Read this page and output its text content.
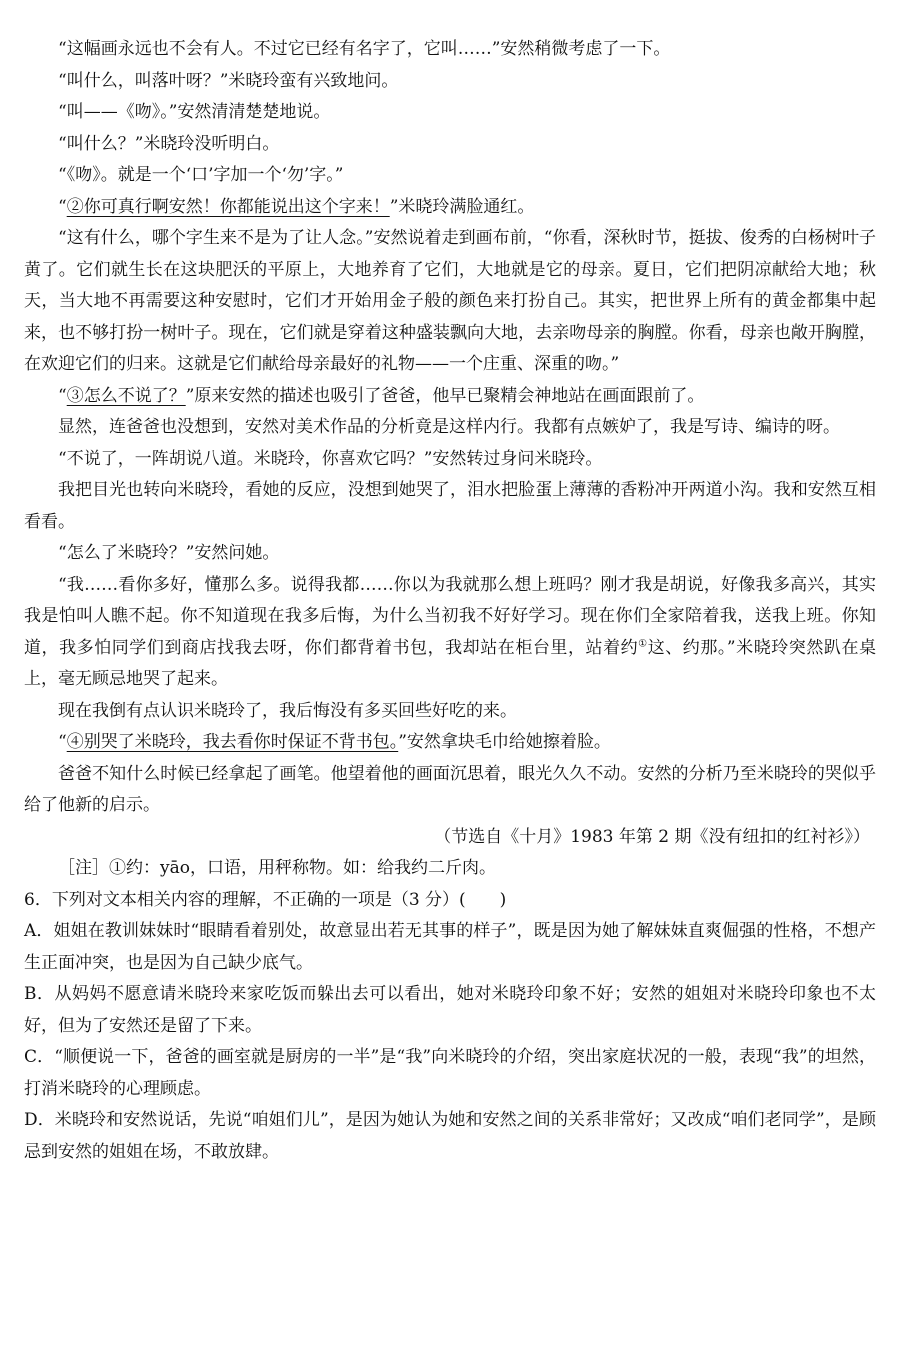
“这幅画永远也不会有人。不过它已经有名字了，它叫……”安然稍微考虑了一下。

“叫什么，叫落叶呀？”米晓玲蛮有兴致地问。

“叫——《吻》。”安然清清楚楚地说。

“叫什么？”米晓玲没听明白。

“《吻》。就是一个‘口’字加一个‘勿’字。”

“②你可真行啊安然！你都能说出这个字来！”米晓玲满脸通红。

“这有什么，哪个字生来不是为了让人念。”安然说着走到画布前，“你看，深秋时节，挺拔、俊秀的白杨树叶子黄了。它们就生长在这块肥沃的平原上，大地养育了它们，大地就是它的母亲。夏日，它们把阴凉献给大地；秋天，当大地不再需要这种安慰时，它们才开始用金子般的颜色来打扮自己。其实，把世界上所有的黄金都集中起来，也不够打扮一树叶子。现在，它们就是穿着这种盛装飘向大地，去亲吻母亲的胸膛。你看，母亲也敞开胸膛，在欢迎它们的归来。这就是它们献给母亲最好的礼物——一个庄重、深重的吻。”

“③怎么不说了？”原来安然的描述也吸引了爸爸，他早已聚精会神地站在画面跟前了。

显然，连爸爸也没想到，安然对美术作品的分析竟是这样内行。我都有点嫉妒了，我是写诗、编诗的呀。

“不说了，一阵胡说八道。米晓玲，你喜欢它吗？”安然转过身问米晓玲。

我把目光也转向米晓玲，看她的反应，没想到她哭了，泪水把脸蛋上薄薄的香粉冲开两道小沟。我和安然互相看看。

“怎么了米晓玲？”安然问她。

“我……看你多好，懂那么多。说得我都……你以为我就那么想上班吗？刚才我是胡说，好像我多高兴，其实我是怕叫人瞧不起。你不知道现在我多后悔，为什么当初我不好好学习。现在你们全家陪着我，送我上班。你知道，我多怕同学们到商店找我去呀，你们都背着书包，我却站在柜台里，站着约①这、约那。”米晓玲突然趴在桌上，毫无顾忌地哭了起来。

现在我倒有点认识米晓玲了，我后悔没有多买回些好吃的来。

“④别哭了米晓玲，我去看你时保证不背书包。”安然拿块毛巾给她擦着脸。

爸爸不知什么时候已经拿起了画笔。他望着他的画面沉思着，眼光久久不动。安然的分析乃至米晓玲的哭似乎给了他新的启示。

（节选自《十月》1983 年第 2 期《没有纽扣的红衬衫》）

［注］①约：yāo，口语，用秤称物。如：给我约二斤肉。

6．下列对文本相关内容的理解，不正确的一项是（3 分）(　　)

A．姐姐在教训妹妹时“眼睛看着别处，故意显出若无其事的样子”，既是因为她了解妹妹直爽倔强的性格，不想产生正面冲突，也是因为自己缺少底气。

B．从妈妈不愿意请米晓玲来家吃饭而躲出去可以看出，她对米晓玲印象不好；安然的姐姐对米晓玲印象也不太好，但为了安然还是留了下来。

C．“顺便说一下，爸爸的画室就是厨房的一半”是“我”向米晓玲的介绍，突出家庭状况的一般，表现“我”的坦然，打消米晓玲的心理顾虑。

D．米晓玲和安然说话，先说“咱姐们儿”，是因为她认为她和安然之间的关系非常好；又改成“咱们老同学”，是顾忌到安然的姐姐在场，不敢放肆。
